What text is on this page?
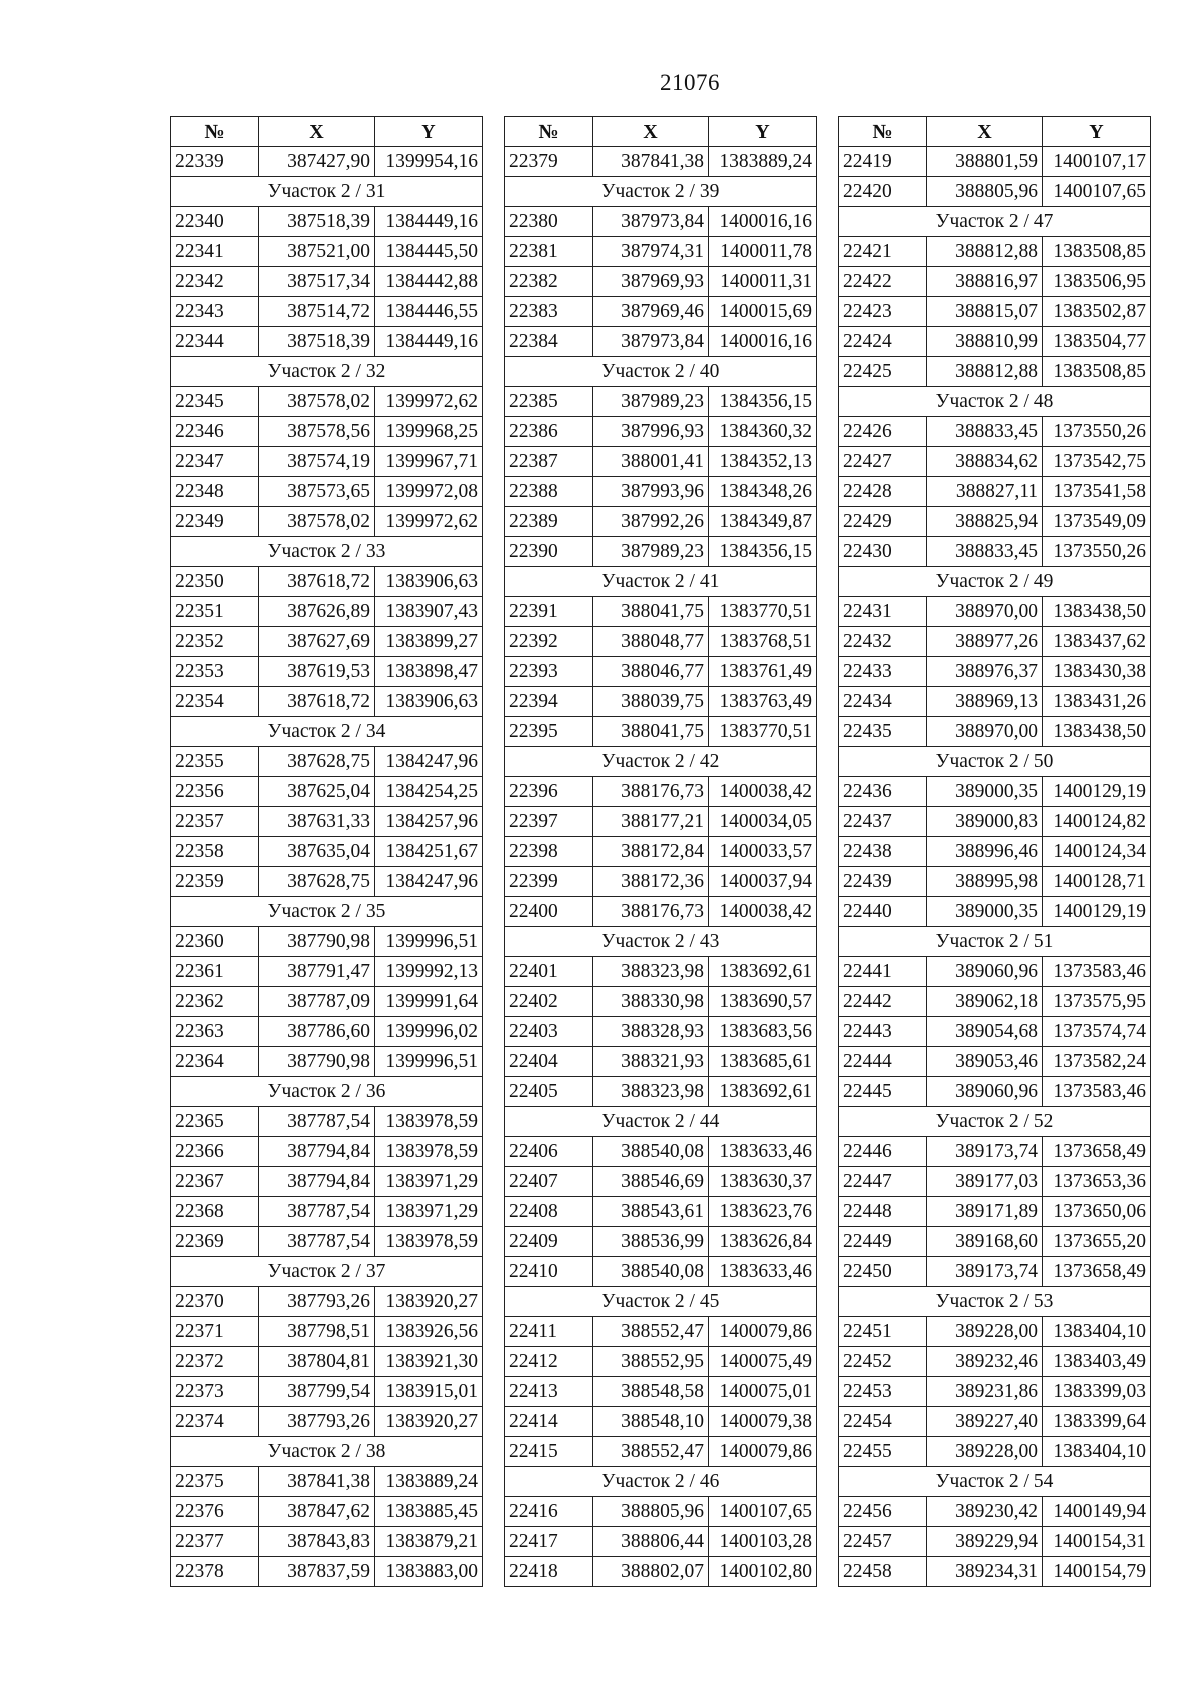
21076
№	X	Y
22339	387427,90	1399954,16
Участок 2 / 31		
22340	387518,39	1384449,16
22341	387521,00	1384445,50
22342	387517,34	1384442,88
22343	387514,72	1384446,55
22344	387518,39	1384449,16
Участок 2 / 32		
22345	387578,02	1399972,62
22346	387578,56	1399968,25
22347	387574,19	1399967,71
22348	387573,65	1399972,08
22349	387578,02	1399972,62
Участок 2 / 33		
22350	387618,72	1383906,63
22351	387626,89	1383907,43
22352	387627,69	1383899,27
22353	387619,53	1383898,47
22354	387618,72	1383906,63
Участок 2 / 34		
22355	387628,75	1384247,96
22356	387625,04	1384254,25
22357	387631,33	1384257,96
22358	387635,04	1384251,67
22359	387628,75	1384247,96
Участок 2 / 35		
22360	387790,98	1399996,51
22361	387791,47	1399992,13
22362	387787,09	1399991,64
22363	387786,60	1399996,02
22364	387790,98	1399996,51
Участок 2 / 36		
22365	387787,54	1383978,59
22366	387794,84	1383978,59
22367	387794,84	1383971,29
22368	387787,54	1383971,29
22369	387787,54	1383978,59
Участок 2 / 37		
22370	387793,26	1383920,27
22371	387798,51	1383926,56
22372	387804,81	1383921,30
22373	387799,54	1383915,01
22374	387793,26	1383920,27
Участок 2 / 38		
22375	387841,38	1383889,24
22376	387847,62	1383885,45
22377	387843,83	1383879,21
22378	387837,59	1383883,00
№	X	Y
22379	387841,38	1383889,24
Участок 2 / 39		
22380	387973,84	1400016,16
22381	387974,31	1400011,78
22382	387969,93	1400011,31
22383	387969,46	1400015,69
22384	387973,84	1400016,16
Участок 2 / 40		
22385	387989,23	1384356,15
22386	387996,93	1384360,32
22387	388001,41	1384352,13
22388	387993,96	1384348,26
22389	387992,26	1384349,87
22390	387989,23	1384356,15
Участок 2 / 41		
22391	388041,75	1383770,51
22392	388048,77	1383768,51
22393	388046,77	1383761,49
22394	388039,75	1383763,49
22395	388041,75	1383770,51
Участок 2 / 42		
22396	388176,73	1400038,42
22397	388177,21	1400034,05
22398	388172,84	1400033,57
22399	388172,36	1400037,94
22400	388176,73	1400038,42
Участок 2 / 43		
22401	388323,98	1383692,61
22402	388330,98	1383690,57
22403	388328,93	1383683,56
22404	388321,93	1383685,61
22405	388323,98	1383692,61
Участок 2 / 44		
22406	388540,08	1383633,46
22407	388546,69	1383630,37
22408	388543,61	1383623,76
22409	388536,99	1383626,84
22410	388540,08	1383633,46
Участок 2 / 45		
22411	388552,47	1400079,86
22412	388552,95	1400075,49
22413	388548,58	1400075,01
22414	388548,10	1400079,38
22415	388552,47	1400079,86
Участок 2 / 46		
22416	388805,96	1400107,65
22417	388806,44	1400103,28
22418	388802,07	1400102,80
№	X	Y
22419	388801,59	1400107,17
22420	388805,96	1400107,65
Участок 2 / 47		
22421	388812,88	1383508,85
22422	388816,97	1383506,95
22423	388815,07	1383502,87
22424	388810,99	1383504,77
22425	388812,88	1383508,85
Участок 2 / 48		
22426	388833,45	1373550,26
22427	388834,62	1373542,75
22428	388827,11	1373541,58
22429	388825,94	1373549,09
22430	388833,45	1373550,26
Участок 2 / 49		
22431	388970,00	1383438,50
22432	388977,26	1383437,62
22433	388976,37	1383430,38
22434	388969,13	1383431,26
22435	388970,00	1383438,50
Участок 2 / 50		
22436	389000,35	1400129,19
22437	389000,83	1400124,82
22438	388996,46	1400124,34
22439	388995,98	1400128,71
22440	389000,35	1400129,19
Участок 2 / 51		
22441	389060,96	1373583,46
22442	389062,18	1373575,95
22443	389054,68	1373574,74
22444	389053,46	1373582,24
22445	389060,96	1373583,46
Участок 2 / 52		
22446	389173,74	1373658,49
22447	389177,03	1373653,36
22448	389171,89	1373650,06
22449	389168,60	1373655,20
22450	389173,74	1373658,49
Участок 2 / 53		
22451	389228,00	1383404,10
22452	389232,46	1383403,49
22453	389231,86	1383399,03
22454	389227,40	1383399,64
22455	389228,00	1383404,10
Участок 2 / 54		
22456	389230,42	1400149,94
22457	389229,94	1400154,31
22458	389234,31	1400154,79
